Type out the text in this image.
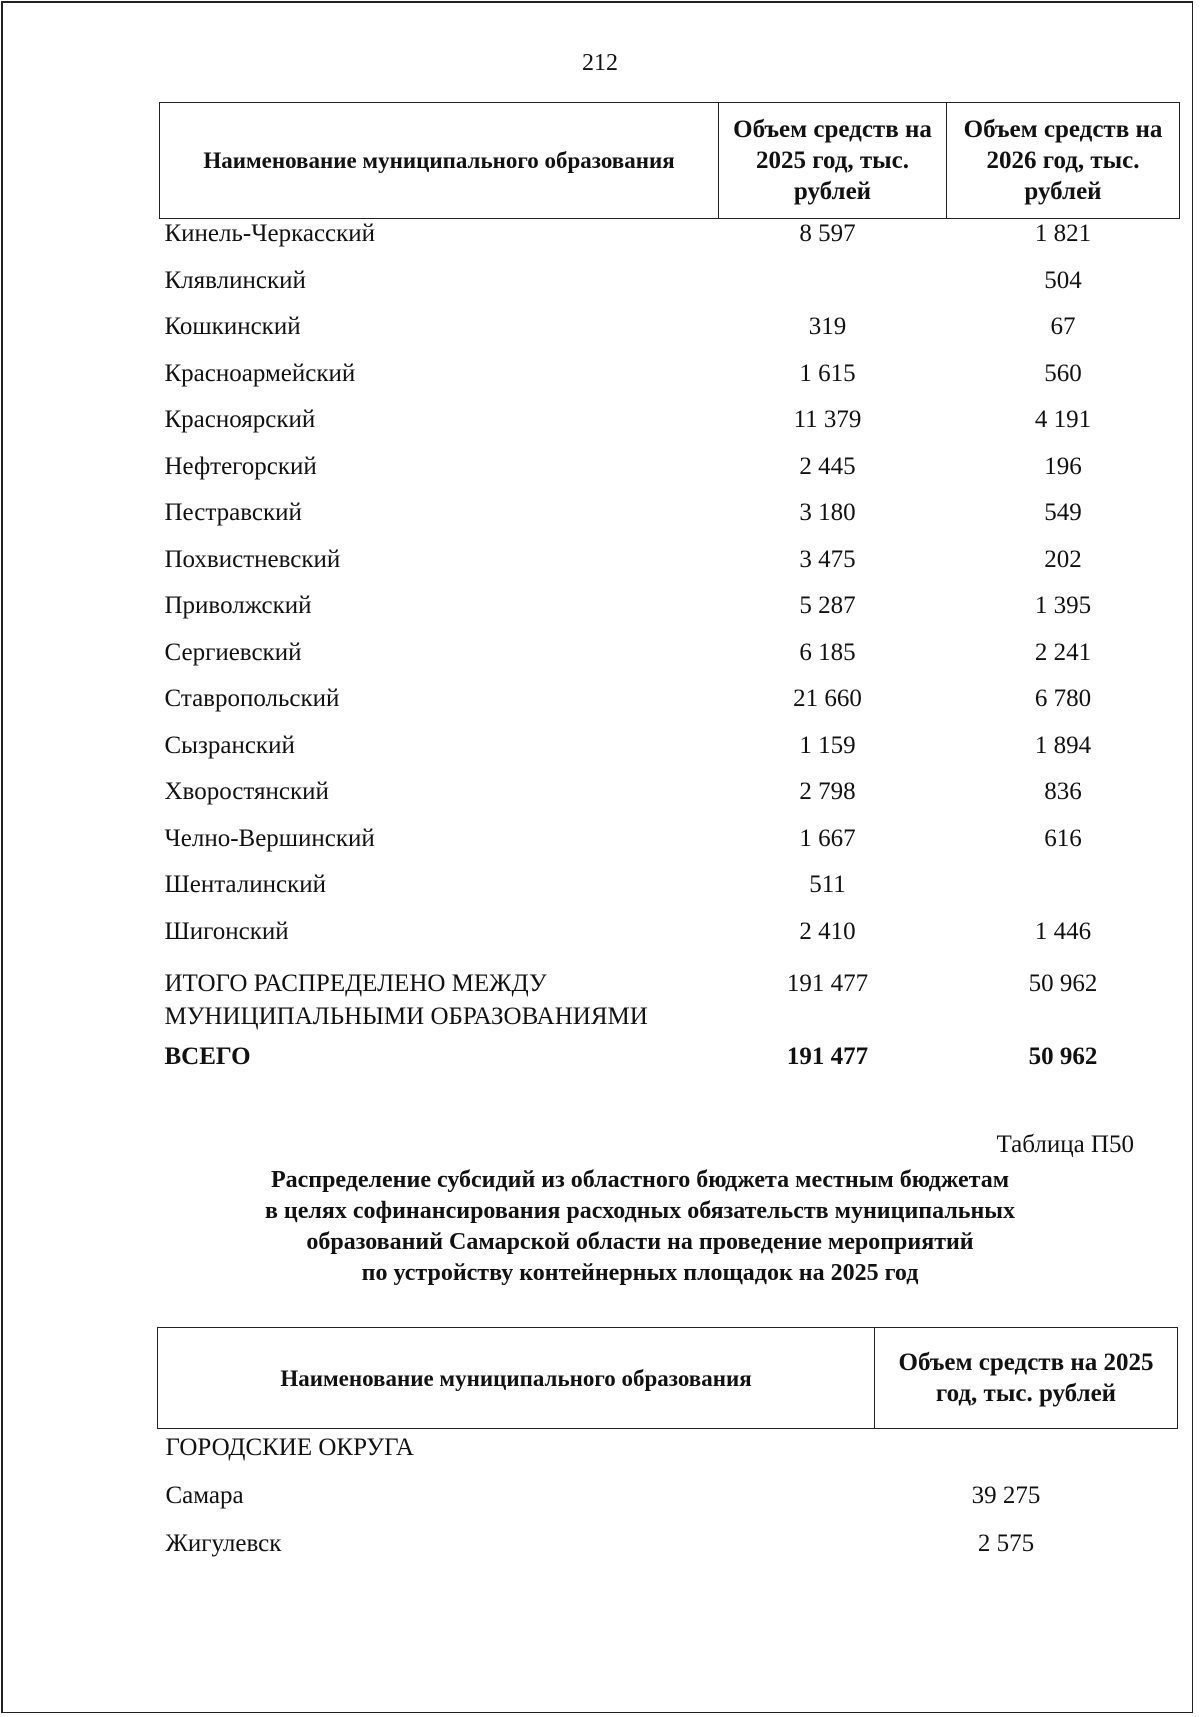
212
Наименование муниципального образования	Объем средств на 2025 год, тыс. рублей	Объем средств на 2026 год, тыс. рублей
Кинель-Черкасский	8 597	1 821
Клявлинский		504
Кошкинский	319	67
Красноармейский	1 615	560
Красноярский	11 379	4 191
Нефтегорский	2 445	196
Пестравский	3 180	549
Похвистневский	3 475	202
Приволжский	5 287	1 395
Сергиевский	6 185	2 241
Ставропольский	21 660	6 780
Сызранский	1 159	1 894
Хворостянский	2 798	836
Челно-Вершинский	1 667	616
Шенталинский	511	
Шигонский	2 410	1 446

ИТОГО РАСПРЕДЕЛЕНО МЕЖДУ
МУНИЦИПАЛЬНЫМИ ОБРАЗОВАНИЯМИ	191 477	50 962
ВСЕГО	191 477	50 962
Таблица П50
Распределение субсидий из областного бюджета местным бюджетам
в целях софинансирования расходных обязательств муниципальных
образований Самарской области на проведение мероприятий
по устройству контейнерных площадок на 2025 год
Наименование муниципального образования	Объем средств на 2025 год, тыс. рублей
ГОРОДСКИЕ ОКРУГА	
Самара	39 275
Жигулевск	2 575
